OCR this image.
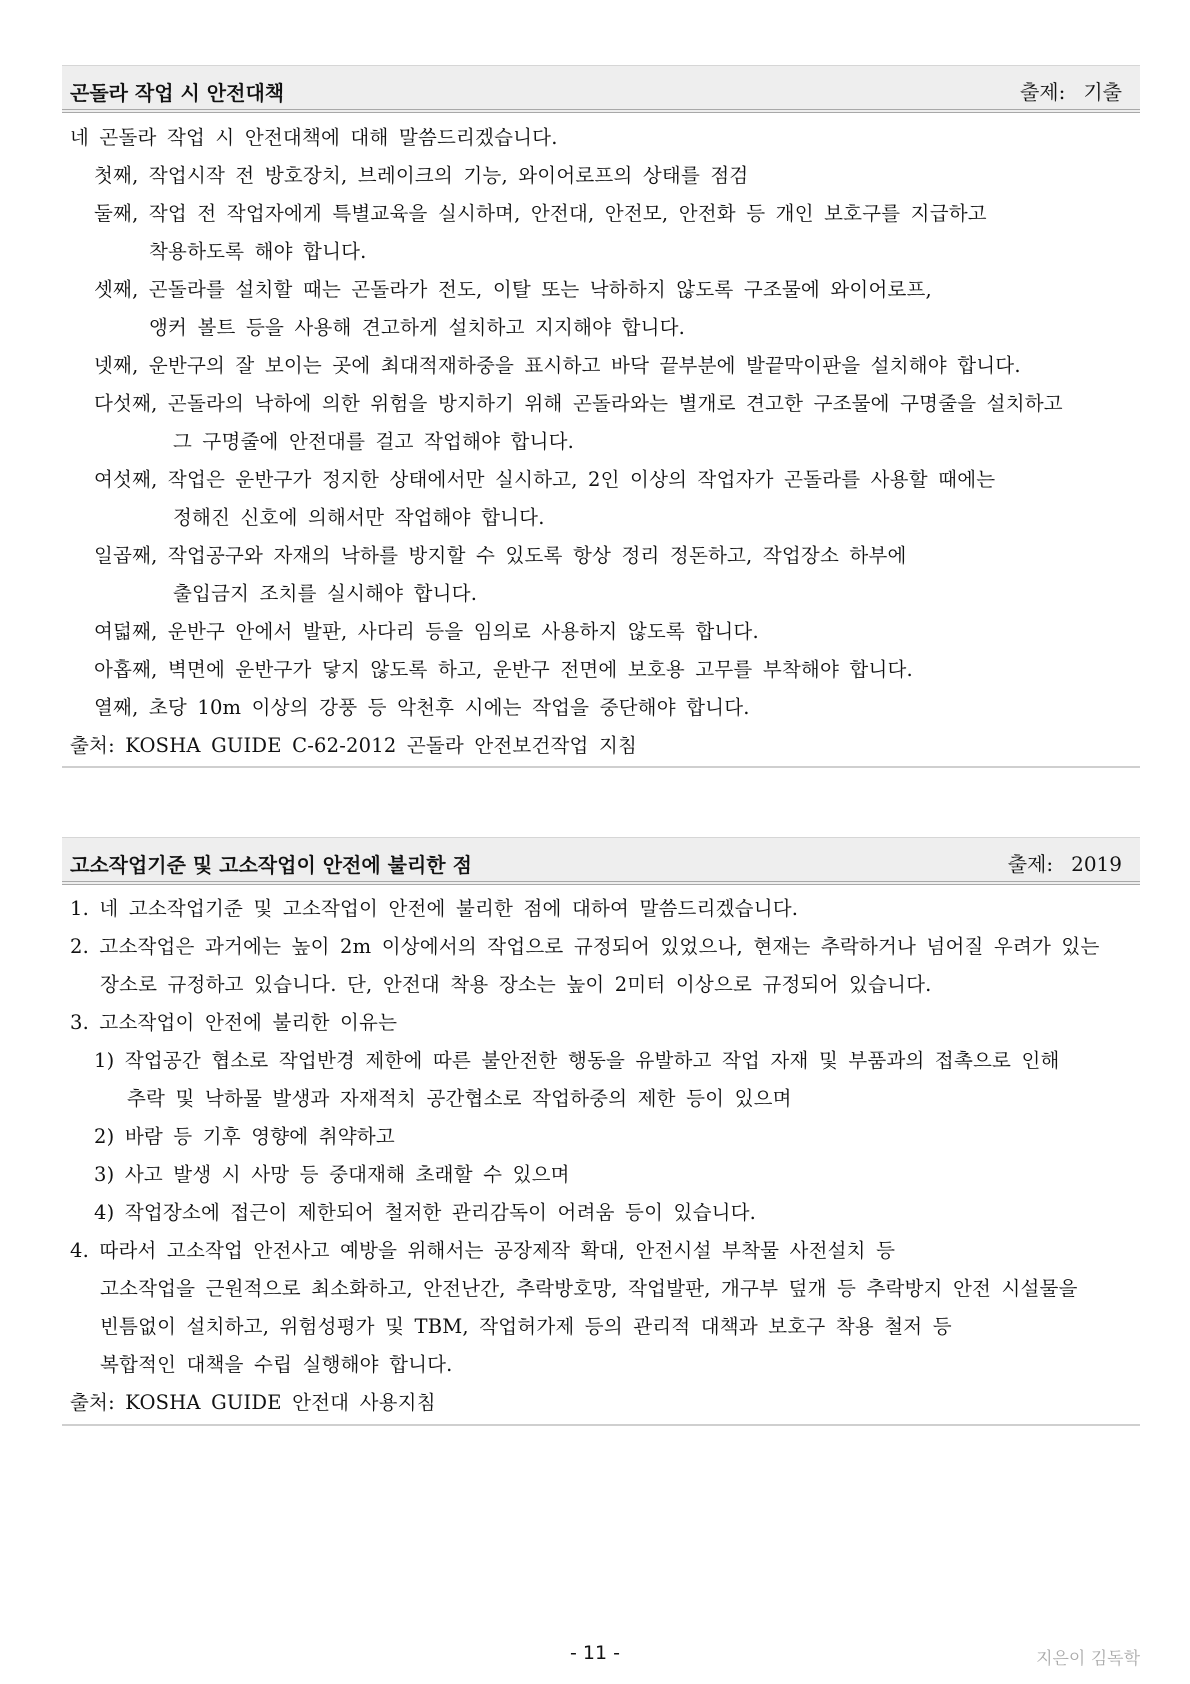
곤돌라 작업 시 안전대책	출제: 기출
네 곤돌라 작업 시 안전대책에 대해 말씀드리겠습니다.
첫째, 작업시작 전 방호장치, 브레이크의 기능, 와이어로프의 상태를 점검
둘째, 작업 전 작업자에게 특별교육을 실시하며, 안전대, 안전모, 안전화 등 개인 보호구를 지급하고
착용하도록 해야 합니다.
셋째, 곤돌라를 설치할 때는 곤돌라가 전도, 이탈 또는 낙하하지 않도록 구조물에 와이어로프,
앵커 볼트 등을 사용해 견고하게 설치하고 지지해야 합니다.
넷째, 운반구의 잘 보이는 곳에 최대적재하중을 표시하고 바닥 끝부분에 발끝막이판을 설치해야 합니다.
다섯째, 곤돌라의 낙하에 의한 위험을 방지하기 위해 곤돌라와는 별개로 견고한 구조물에 구명줄을 설치하고
그 구명줄에 안전대를 걸고 작업해야 합니다.
여섯째, 작업은 운반구가 정지한 상태에서만 실시하고, 2인 이상의 작업자가 곤돌라를 사용할 때에는
정해진 신호에 의해서만 작업해야 합니다.
일곱째, 작업공구와 자재의 낙하를 방지할 수 있도록 항상 정리 정돈하고, 작업장소 하부에
출입금지 조치를 실시해야 합니다.
여덟째, 운반구 안에서 발판, 사다리 등을 임의로 사용하지 않도록 합니다.
아홉째, 벽면에 운반구가 닿지 않도록 하고, 운반구 전면에 보호용 고무를 부착해야 합니다.
열째, 초당 10m 이상의 강풍 등 악천후 시에는 작업을 중단해야 합니다.
출처: KOSHA GUIDE C-62-2012 곤돌라 안전보건작업 지침
고소작업기준 및 고소작업이 안전에 불리한 점	출제: 2019
1. 네 고소작업기준 및 고소작업이 안전에 불리한 점에 대하여 말씀드리겠습니다.
2. 고소작업은 과거에는 높이 2m 이상에서의 작업으로 규정되어 있었으나, 현재는 추락하거나 넘어질 우려가 있는
장소로 규정하고 있습니다. 단, 안전대 착용 장소는 높이 2미터 이상으로 규정되어 있습니다.
3. 고소작업이 안전에 불리한 이유는
1) 작업공간 협소로 작업반경 제한에 따른 불안전한 행동을 유발하고 작업 자재 및 부품과의 접촉으로 인해
추락 및 낙하물 발생과 자재적치 공간협소로 작업하중의 제한 등이 있으며
2) 바람 등 기후 영향에 취약하고
3) 사고 발생 시 사망 등 중대재해 초래할 수 있으며
4) 작업장소에 접근이 제한되어 철저한 관리감독이 어려움 등이 있습니다.
4. 따라서 고소작업 안전사고 예방을 위해서는 공장제작 확대, 안전시설 부착물 사전설치 등
고소작업을 근원적으로 최소화하고, 안전난간, 추락방호망, 작업발판, 개구부 덮개 등 추락방지 안전 시설물을
빈틈없이 설치하고, 위험성평가 및 TBM, 작업허가제 등의 관리적 대책과 보호구 착용 철저 등
복합적인 대책을 수립 실행해야 합니다.
출처: KOSHA GUIDE 안전대 사용지침
- 11 -	지은이 김독학
